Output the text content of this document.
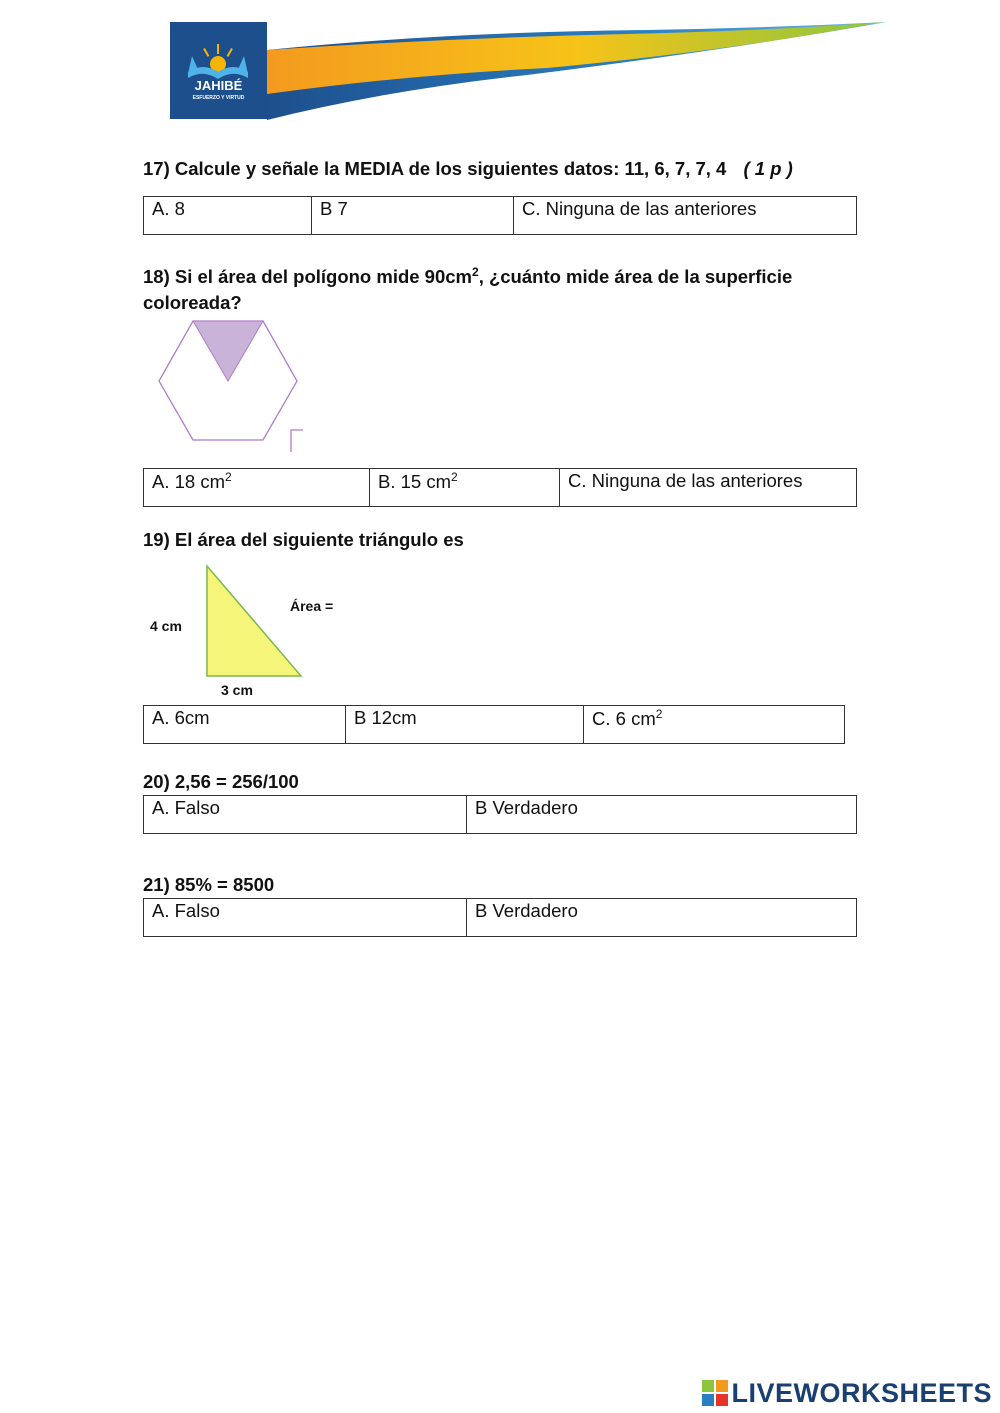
JAHIBÉ
ESFUERZO Y VIRTUD
17) Calcule y señale la MEDIA de los siguientes datos: 11, 6, 7, 7, 4 ( 1 p )
A. 8	B 7	C. Ninguna de las anteriores
18) Si el área del polígono mide $90cm^2$, ¿cuánto mide área de la superficie
coloreada?
A. 18 $cm^2$	B. 15 $cm^2$	C. Ninguna de las anteriores
19) El área del siguiente triángulo es
4 cm
3 cm
Área =
A. 6cm	B 12cm	C. 6 $cm^2$
20) 2,56 = 256/100
A. Falso	B Verdadero
21) 85% = 8500
A. Falso	B Verdadero
LIVEWORKSHEETS
